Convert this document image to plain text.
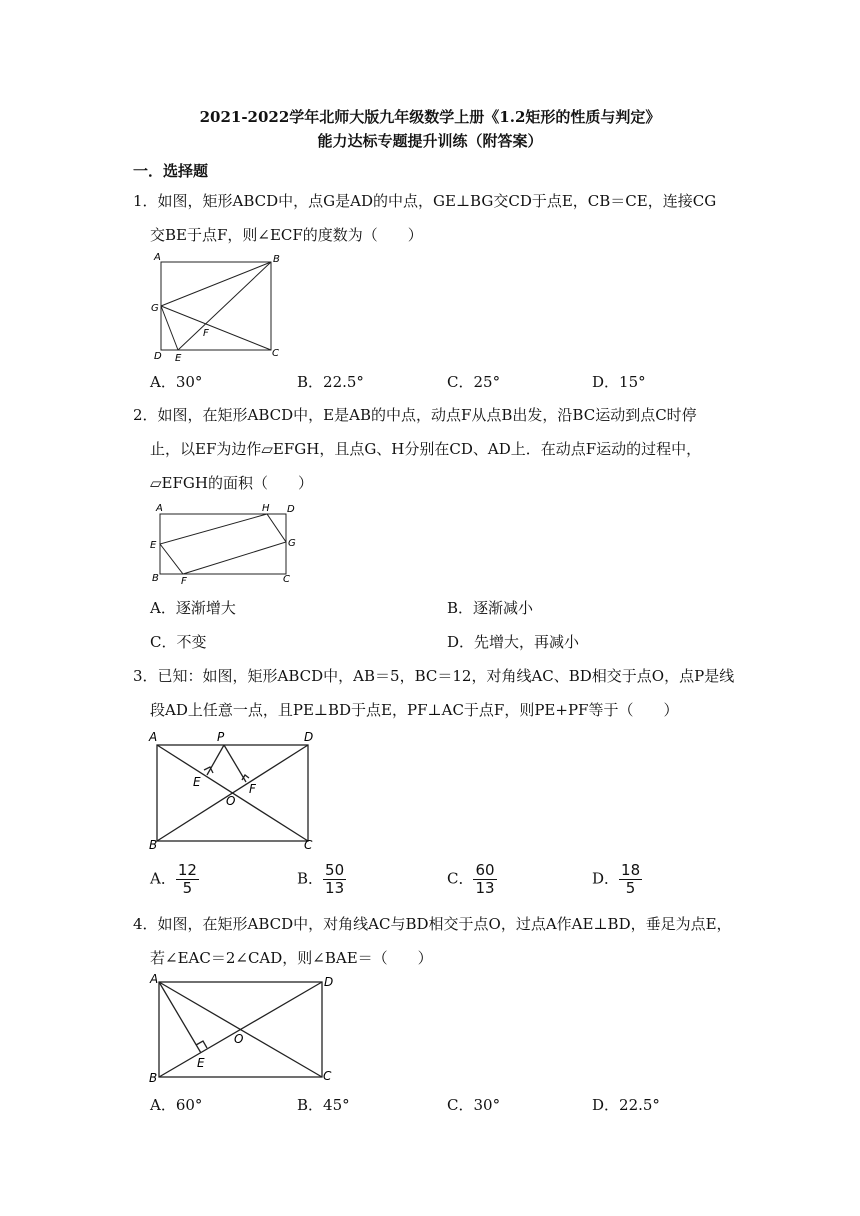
2021-2022学年北师大版九年级数学上册《1.2矩形的性质与判定》
能力达标专题提升训练（附答案）
一．选择题
1．如图，矩形ABCD中，点G是AD的中点，GE⊥BG交CD于点E，CB＝CE，连接CG
交BE于点F，则∠ECF的度数为（　　）
A	B
C
D E
F
G
A．30°	B．22.5°	C．25°	D．15°
2．如图，在矩形ABCD中，E是AB的中点，动点F从点B出发，沿BC运动到点C时停
止，以EF为边作▱EFGH，且点G、H分别在CD、AD上．在动点F运动的过程中，
▱EFGH的面积（　　）
A	H D
E	G
B F	C
A．逐渐增大	B．逐渐减小
C．不变	D．先增大，再减小
3．已知：如图，矩形ABCD中，AB＝5，BC＝12，对角线AC、BD相交于点O，点P是线
段AD上任意一点，且PE⊥BD于点E，PF⊥AC于点F，则PE+PF等于（　　）
A	P	D
E	F
O
B	C
A． $\frac{12}{5}$	B． $\frac{50}{13}$	C． $\frac{60}{13}$	D． $\frac{18}{5}$
4．如图，在矩形ABCD中，对角线AC与BD相交于点O，过点A作AE⊥BD，垂足为点E，
若∠EAC＝2∠CAD，则∠BAE＝（　　）
A	D
O
E
B	C
A．60°	B．45°	C．30°	D．22.5°
